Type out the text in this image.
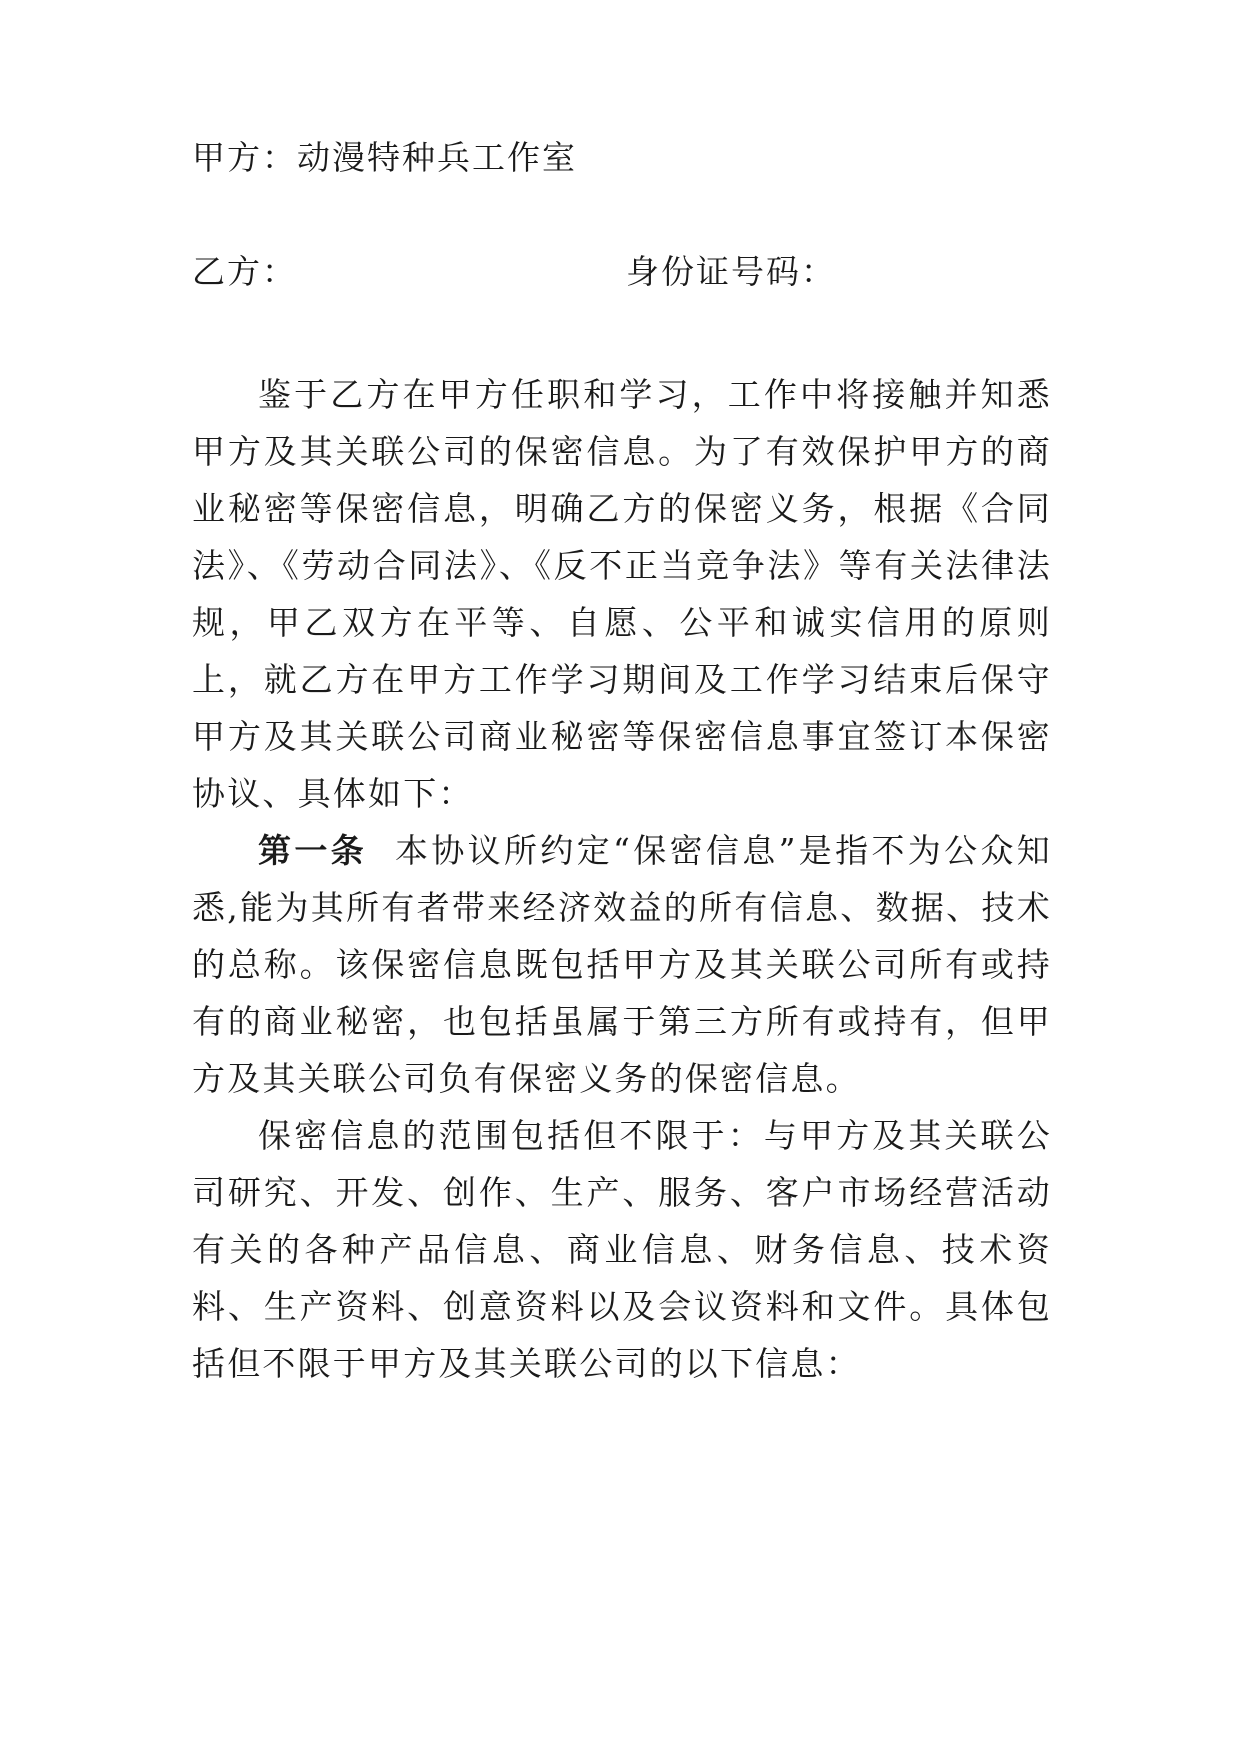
甲方：动漫特种兵工作室
乙方：	身份证号码：
鉴于乙方在甲方任职和学习，工作中将接触并知悉甲方及其关联公司的保密信息。为了有效保护甲方的商业秘密等保密信息，明确乙方的保密义务，根据《合同法》、《劳动合同法》、《反不正当竞争法》等有关法律法规，甲乙双方在平等、自愿、公平和诚实信用的原则上，就乙方在甲方工作学习期间及工作学习结束后保守甲方及其关联公司商业秘密等保密信息事宜签订本保密协议、具体如下：
第一条 本协议所约定“保密信息”是指不为公众知悉,能为其所有者带来经济效益的所有信息、数据、技术的总称。该保密信息既包括甲方及其关联公司所有或持有的商业秘密，也包括虽属于第三方所有或持有，但甲方及其关联公司负有保密义务的保密信息。
保密信息的范围包括但不限于：与甲方及其关联公司研究、开发、创作、生产、服务、客户市场经营活动有关的各种产品信息、商业信息、财务信息、技术资料、生产资料、创意资料以及会议资料和文件。具体包括但不限于甲方及其关联公司的以下信息：
